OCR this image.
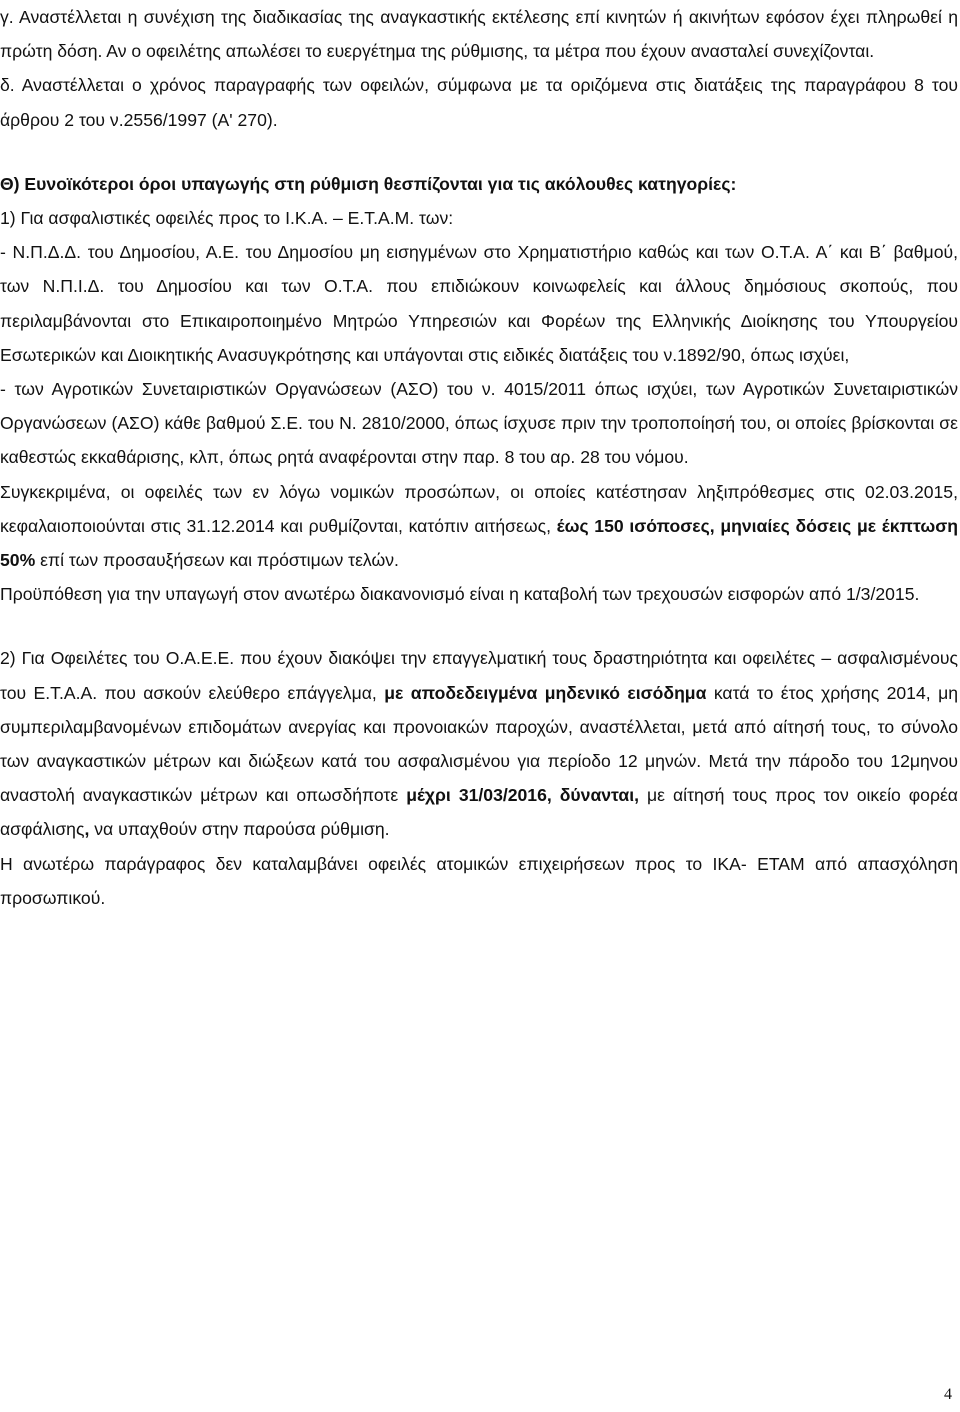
γ. Αναστέλλεται η συνέχιση της διαδικασίας της αναγκαστικής εκτέλεσης επί κινητών ή ακινήτων εφόσον έχει πληρωθεί η πρώτη δόση. Αν ο οφειλέτης απωλέσει το ευεργέτημα της ρύθμισης, τα μέτρα που έχουν ανασταλεί συνεχίζονται.

δ. Αναστέλλεται ο χρόνος παραγραφής των οφειλών, σύμφωνα με τα οριζόμενα στις διατάξεις της παραγράφου 8 του άρθρου 2 του ν.2556/1997 (Α' 270).

Θ) Ευνοϊκότεροι όροι υπαγωγής στη ρύθμιση θεσπίζονται για τις ακόλουθες κατηγορίες:

1) Για ασφαλιστικές οφειλές προς το Ι.Κ.Α. – Ε.Τ.Α.Μ. των:

- Ν.Π.Δ.Δ. του Δημοσίου, Α.Ε. του Δημοσίου μη εισηγμένων στο Χρηματιστήριο καθώς και των Ο.Τ.Α. Α΄ και Β΄ βαθμού, των Ν.Π.Ι.Δ. του Δημοσίου και των Ο.Τ.Α. που επιδιώκουν κοινωφελείς και άλλους δημόσιους σκοπούς, που περιλαμβάνονται στο Επικαιροποιημένο Μητρώο Υπηρεσιών και Φορέων της Ελληνικής Διοίκησης του Υπουργείου Εσωτερικών και Διοικητικής Ανασυγκρότησης και υπάγονται στις ειδικές διατάξεις του ν.1892/90, όπως ισχύει,

- των Αγροτικών Συνεταιριστικών Οργανώσεων (ΑΣΟ) του ν. 4015/2011 όπως ισχύει, των Αγροτικών Συνεταιριστικών Οργανώσεων (ΑΣΟ) κάθε βαθμού Σ.Ε. του Ν. 2810/2000, όπως ίσχυσε πριν την τροποποίησή του, οι οποίες βρίσκονται σε καθεστώς εκκαθάρισης, κλπ, όπως ρητά αναφέρονται στην παρ. 8 του αρ. 28 του νόμου.

Συγκεκριμένα, οι οφειλές των εν λόγω νομικών προσώπων, οι οποίες κατέστησαν ληξιπρόθεσμες στις 02.03.2015, κεφαλαιοποιούνται στις 31.12.2014 και ρυθμίζονται, κατόπιν αιτήσεως, έως 150 ισόποσες, μηνιαίες δόσεις με έκπτωση 50% επί των προσαυξήσεων και πρόστιμων τελών.

Προϋπόθεση για την υπαγωγή στον ανωτέρω διακανονισμό είναι η καταβολή των τρεχουσών εισφορών από 1/3/2015.

2) Για Οφειλέτες του Ο.Α.Ε.Ε. που έχουν διακόψει την επαγγελματική τους δραστηριότητα και οφειλέτες – ασφαλισμένους του Ε.Τ.Α.Α. που ασκούν ελεύθερο επάγγελμα, με αποδεδειγμένα μηδενικό εισόδημα κατά το έτος χρήσης 2014, μη συμπεριλαμβανομένων επιδομάτων ανεργίας και προνοιακών παροχών, αναστέλλεται, μετά από αίτησή τους, το σύνολο των αναγκαστικών μέτρων και διώξεων κατά του ασφαλισμένου για περίοδο 12 μηνών. Μετά την πάροδο του 12μηνου αναστολή αναγκαστικών μέτρων και οπωσδήποτε μέχρι 31/03/2016, δύνανται, με αίτησή τους προς τον οικείο φορέα ασφάλισης, να υπαχθούν στην παρούσα ρύθμιση.

Η ανωτέρω παράγραφος δεν καταλαμβάνει οφειλές ατομικών επιχειρήσεων προς το ΙΚΑ- ΕΤΑΜ από απασχόληση προσωπικού.

4
